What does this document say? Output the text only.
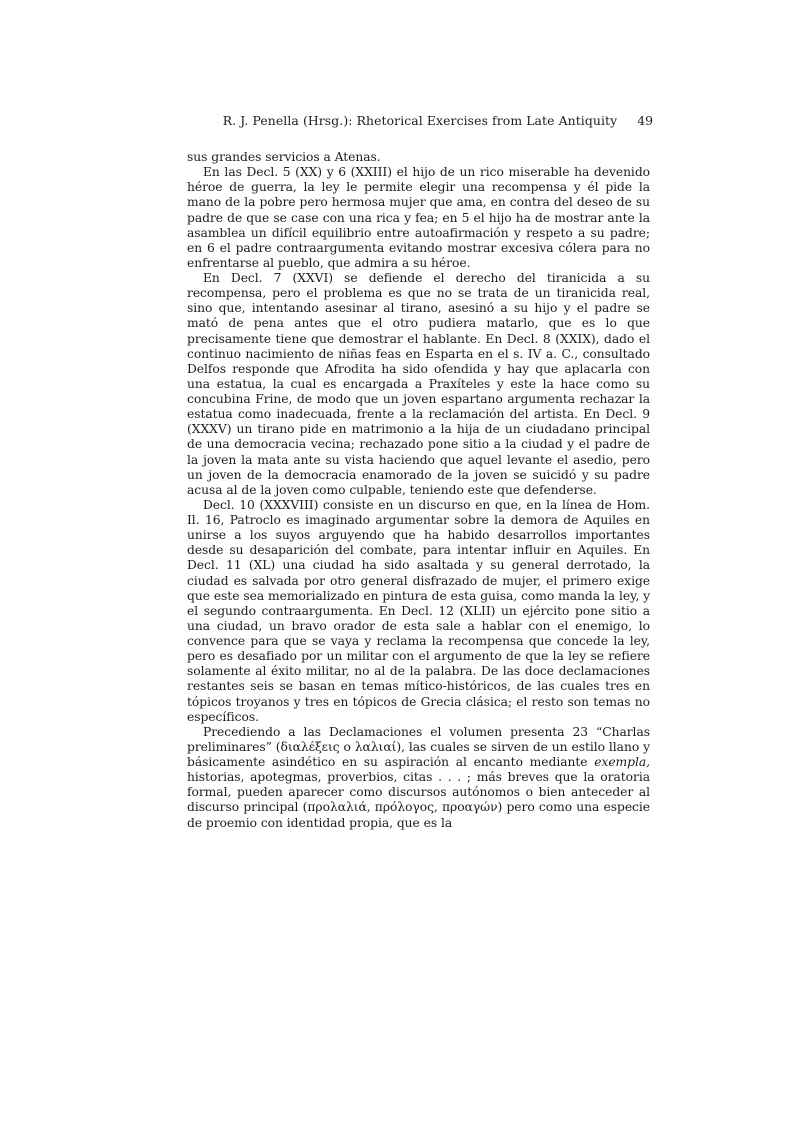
R. J. Penella (Hrsg.): Rhetorical Exercises from Late Antiquity	49

sus grandes servicios a Atenas.

En las Decl. 5 (XX) y 6 (XXIII) el hijo de un rico miserable ha devenido héroe de guerra, la ley le permite elegir una recompensa y él pide la mano de la pobre pero hermosa mujer que ama, en contra del deseo de su padre de que se case con una rica y fea; en 5 el hijo ha de mostrar ante la asamblea un difícil equilibrio entre autoafirmación y respeto a su padre; en 6 el padre contraargumenta evitando mostrar excesiva cólera para no enfrentarse al pueblo, que admira a su héroe.

En Decl. 7 (XXVI) se defiende el derecho del tiranicida a su recompensa, pero el problema es que no se trata de un tiranicida real, sino que, intentando asesinar al tirano, asesinó a su hijo y el padre se mató de pena antes que el otro pudiera matarlo, que es lo que precisamente tiene que demostrar el hablante. En Decl. 8 (XXIX), dado el continuo nacimiento de niñas feas en Esparta en el s. IV a. C., consultado Delfos responde que Afrodita ha sido ofendida y hay que aplacarla con una estatua, la cual es encargada a Praxíteles y este la hace como su concubina Frine, de modo que un joven espartano argumenta rechazar la estatua como inadecuada, frente a la reclamación del artista. En Decl. 9 (XXXV) un tirano pide en matrimonio a la hija de un ciudadano principal de una democracia vecina; rechazado pone sitio a la ciudad y el padre de la joven la mata ante su vista haciendo que aquel levante el asedio, pero un joven de la democracia enamorado de la joven se suicidó y su padre acusa al de la joven como culpable, teniendo este que defenderse.

Decl. 10 (XXXVIII) consiste en un discurso en que, en la línea de Hom. Il. 16, Patroclo es imaginado argumentar sobre la demora de Aquiles en unirse a los suyos arguyendo que ha habido desarrollos importantes desde su desaparición del combate, para intentar influir en Aquiles. En Decl. 11 (XL) una ciudad ha sido asaltada y su general derrotado, la ciudad es salvada por otro general disfrazado de mujer, el primero exige que este sea memorializado en pintura de esta guisa, como manda la ley, y el segundo contraargumenta. En Decl. 12 (XLII) un ejército pone sitio a una ciudad, un bravo orador de esta sale a hablar con el enemigo, lo convence para que se vaya y reclama la recompensa que concede la ley, pero es desafiado por un militar con el argumento de que la ley se refiere solamente al éxito militar, no al de la palabra. De las doce declamaciones restantes seis se basan en temas mítico-históricos, de las cuales tres en tópicos troyanos y tres en tópicos de Grecia clásica; el resto son temas no específicos.

Precediendo a las Declamaciones el volumen presenta 23 “Charlas preliminares” (διαλέξεις o λαλιαί), las cuales se sirven de un estilo llano y básicamente asindético en su aspiración al encanto mediante exempla, historias, apotegmas, proverbios, citas . . . ; más breves que la oratoria formal, pueden aparecer como discursos autónomos o bien anteceder al discurso principal (προλαλιά, πρόλογος, προαγών) pero como una especie de proemio con identidad propia, que es la
